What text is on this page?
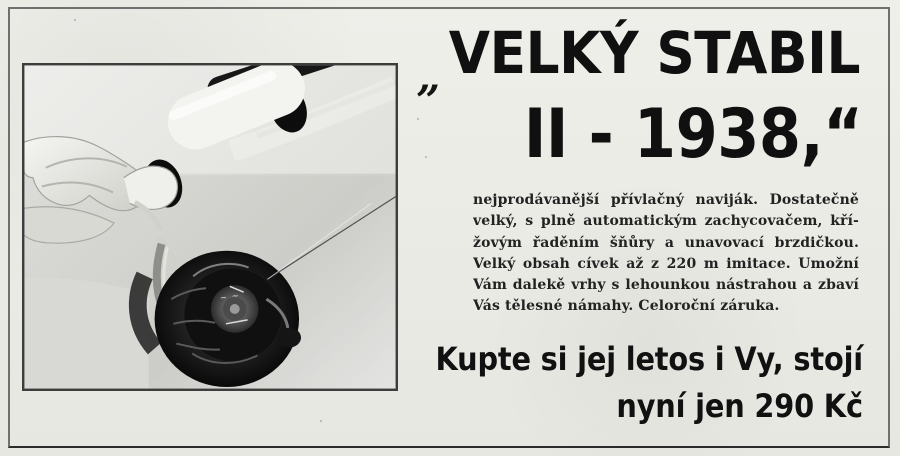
~ ~
„ VELKÝ STABIL
II - 1938,“
nejprodávanější přívlačný naviják. Dostatečně
velký, s plně automatickým zachycovačem, kří-
žovým řaděním šňůry a unavovací brzdičkou.
Velký obsah cívek až z 220 m imitace. Umožní
Vám dalekě vrhy s lehounkou nástrahou a zbaví
Vás tělesné námahy. Celoroční záruka.
Kupte si jej letos i Vy, stojí
nyní jen 290 Kč
